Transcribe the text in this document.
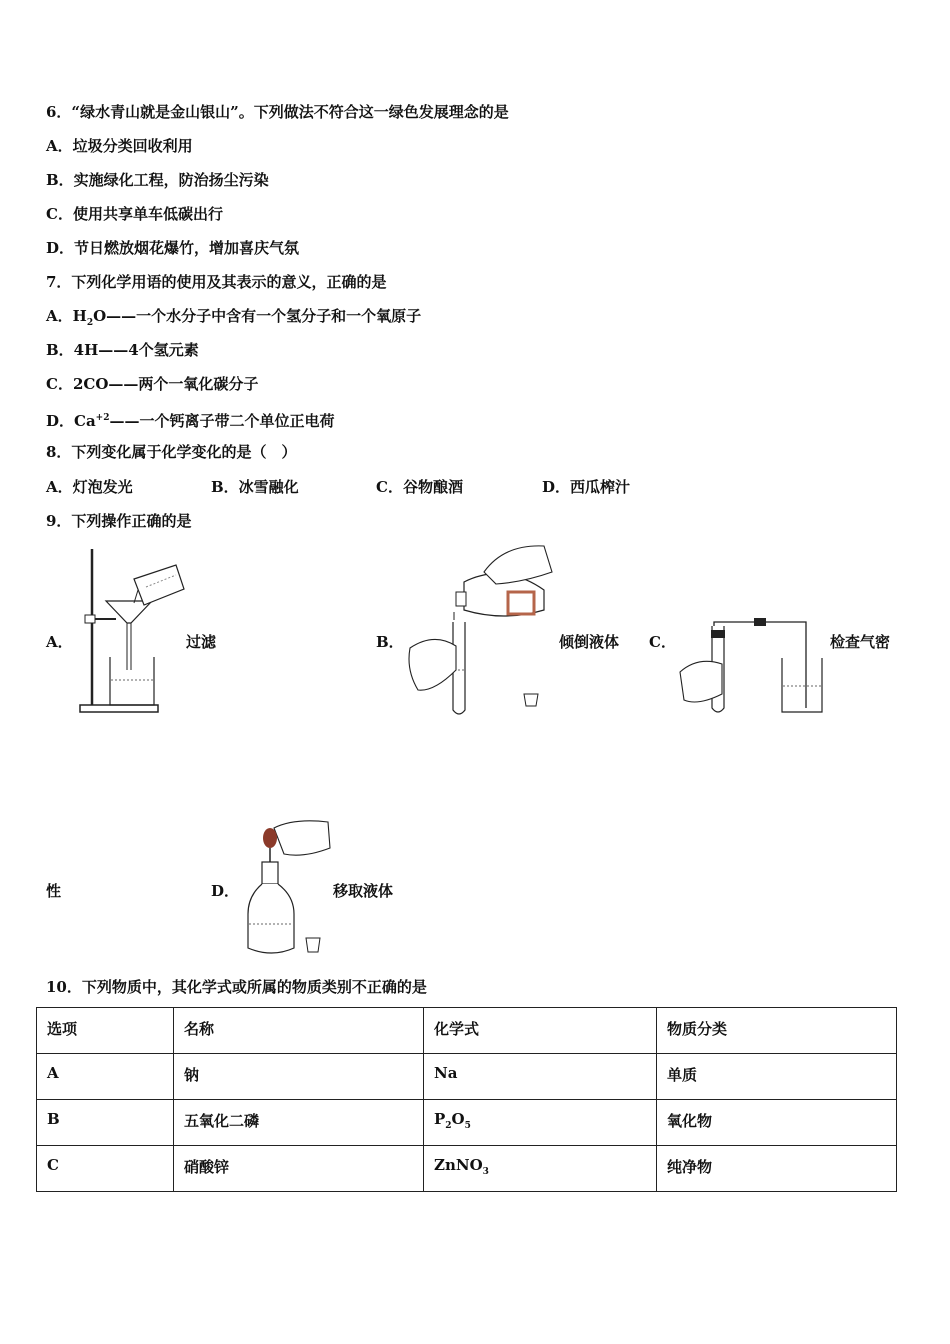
6．“绿水青山就是金山银山”。下列做法不符合这一绿色发展理念的是
A．垃圾分类回收利用
B．实施绿化工程，防治扬尘污染
C．使用共享单车低碳出行
D．节日燃放烟花爆竹，增加喜庆气氛
7．下列化学用语的使用及其表示的意义，正确的是
A．$H_2O——$一个水分子中含有一个氢分子和一个氧原子
B．4H——4个氢元素
C．2CO——两个一氧化碳分子
D．$Ca^{+2}——$一个钙离子带二个单位正电荷
8．下列变化属于化学变化的是（　）
A．灯泡发光	B．冰雪融化	C．谷物酿酒	D．西瓜榨汁
9．下列操作正确的是
A．	过滤	B．	倾倒液体 C．	检查气密
性	D．	移取液体
10．下列物质中，其化学式或所属的物质类别不正确的是
选项	名称	化学式	物质分类
A	钠	Na	单质
B	五氧化二磷	$P_2O_5$	氧化物
C	硝酸锌	ZnNO$_3$	纯净物
